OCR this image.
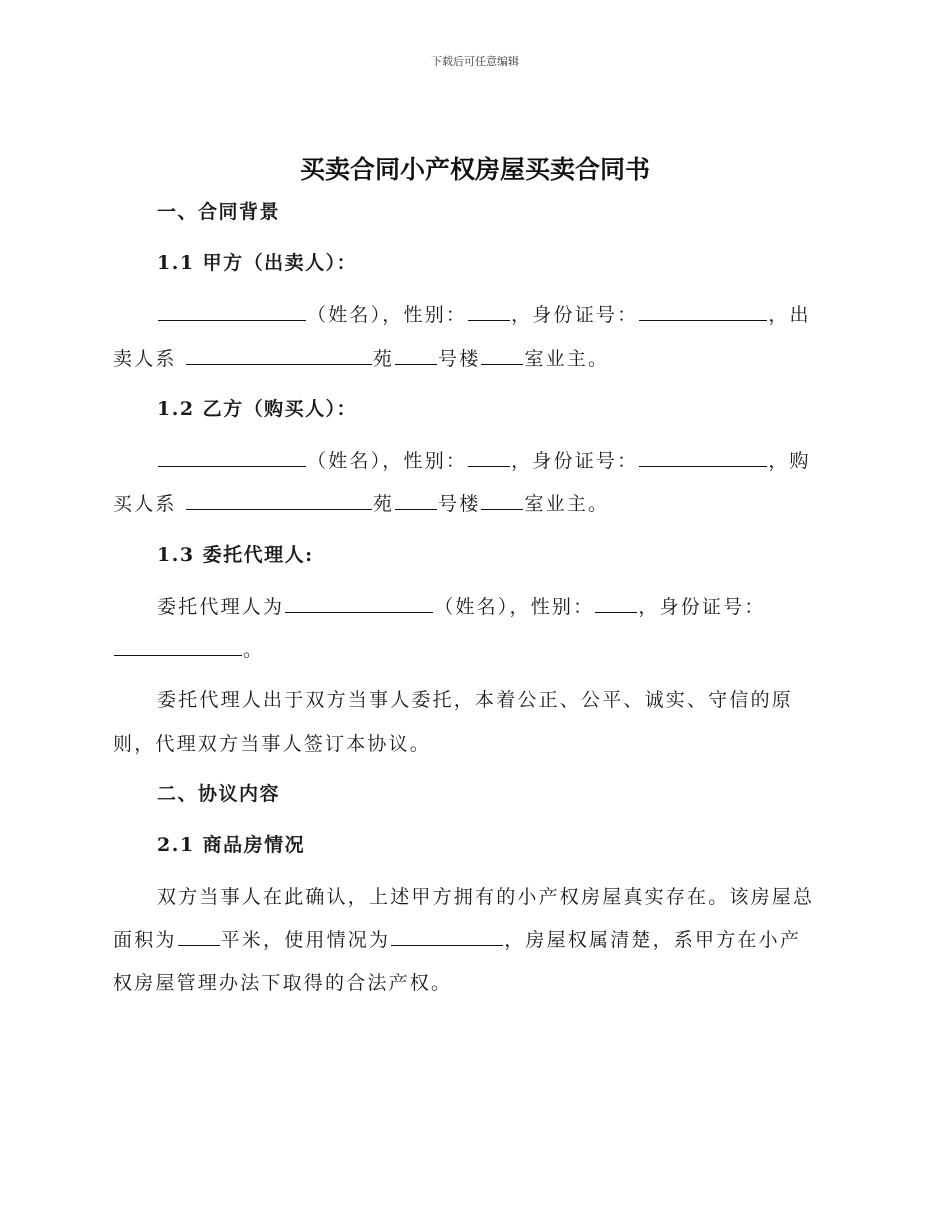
下载后可任意编辑
买卖合同小产权房屋买卖合同书
一、合同背景
1.1 甲方（出卖人）：
（姓名），性别： ，身份证号：	，出
卖人系	苑 号楼 室业主。
1.2 乙方（购买人）：
（姓名），性别： ，身份证号：	，购
买人系	苑 号楼 室业主。
1.3 委托代理人:
委托代理人为	（姓名），性别： ，身份证号：
。
委托代理人出于双方当事人委托，本着公正、公平、诚实、守信的原
则，代理双方当事人签订本协议。
二、协议内容
2.1 商品房情况
双方当事人在此确认，上述甲方拥有的小产权房屋真实存在。该房屋总
面积为 平米，使用情况为	，房屋权属清楚，系甲方在小产
权房屋管理办法下取得的合法产权。
